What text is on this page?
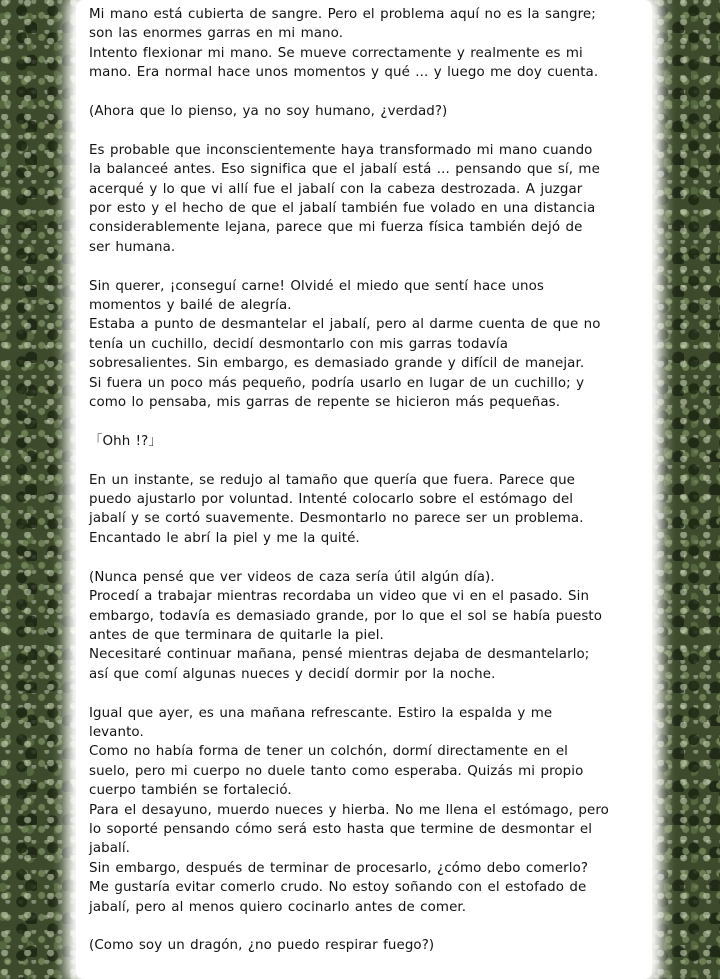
Mi mano está cubierta de sangre. Pero el problema aquí no es la sangre;
son las enormes garras en mi mano.
Intento flexionar mi mano. Se mueve correctamente y realmente es mi
mano. Era normal hace unos momentos y qué ... y luego me doy cuenta.

(Ahora que lo pienso, ya no soy humano, ¿verdad?)

Es probable que inconscientemente haya transformado mi mano cuando
la balanceé antes. Eso significa que el jabalí está ... pensando que sí, me
acerqué y lo que vi allí fue el jabalí con la cabeza destrozada. A juzgar
por esto y el hecho de que el jabalí también fue volado en una distancia
considerablemente lejana, parece que mi fuerza física también dejó de
ser humana.

Sin querer, ¡conseguí carne! Olvidé el miedo que sentí hace unos
momentos y bailé de alegría.
Estaba a punto de desmantelar el jabalí, pero al darme cuenta de que no
tenía un cuchillo, decidí desmontarlo con mis garras todavía
sobresalientes. Sin embargo, es demasiado grande y difícil de manejar.
Si fuera un poco más pequeño, podría usarlo en lugar de un cuchillo; y
como lo pensaba, mis garras de repente se hicieron más pequeñas.

「Ohh !?」

En un instante, se redujo al tamaño que quería que fuera. Parece que
puedo ajustarlo por voluntad. Intenté colocarlo sobre el estómago del
jabalí y se cortó suavemente. Desmontarlo no parece ser un problema.
Encantado le abrí la piel y me la quité.

(Nunca pensé que ver videos de caza sería útil algún día).
Procedí a trabajar mientras recordaba un video que vi en el pasado. Sin
embargo, todavía es demasiado grande, por lo que el sol se había puesto
antes de que terminara de quitarle la piel.
Necesitaré continuar mañana, pensé mientras dejaba de desmantelarlo;
así que comí algunas nueces y decidí dormir por la noche.

Igual que ayer, es una mañana refrescante. Estiro la espalda y me
levanto.
Como no había forma de tener un colchón, dormí directamente en el
suelo, pero mi cuerpo no duele tanto como esperaba. Quizás mi propio
cuerpo también se fortaleció.
Para el desayuno, muerdo nueces y hierba. No me llena el estómago, pero
lo soporté pensando cómo será esto hasta que termine de desmontar el
jabalí.
Sin embargo, después de terminar de procesarlo, ¿cómo debo comerlo?
Me gustaría evitar comerlo crudo. No estoy soñando con el estofado de
jabalí, pero al menos quiero cocinarlo antes de comer.

(Como soy un dragón, ¿no puedo respirar fuego?)
